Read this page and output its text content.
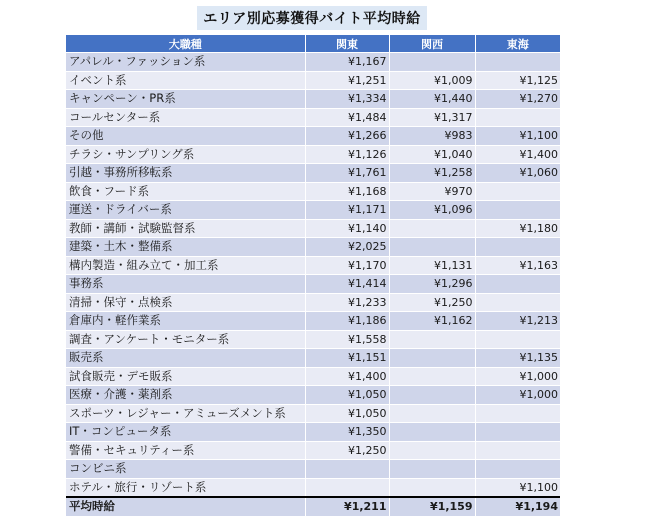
エリア別応募獲得バイト平均時給
大職種	関東	関西	東海
アパレル・ファッション系	¥1,167		
イベント系	¥1,251	¥1,009	¥1,125
キャンペーン・PR系	¥1,334	¥1,440	¥1,270
コールセンター系	¥1,484	¥1,317	
その他	¥1,266	¥983	¥1,100
チラシ・サンプリング系	¥1,126	¥1,040	¥1,400
引越・事務所移転系	¥1,761	¥1,258	¥1,060
飲食・フード系	¥1,168	¥970	
運送・ドライバー系	¥1,171	¥1,096	
教師・講師・試験監督系	¥1,140		¥1,180
建築・土木・整備系	¥2,025		
構内製造・組み立て・加工系	¥1,170	¥1,131	¥1,163
事務系	¥1,414	¥1,296	
清掃・保守・点検系	¥1,233	¥1,250	
倉庫内・軽作業系	¥1,186	¥1,162	¥1,213
調査・アンケート・モニター系	¥1,558		
販売系	¥1,151		¥1,135
試食販売・デモ販系	¥1,400		¥1,000
医療・介護・薬剤系	¥1,050		¥1,000
スポーツ・レジャー・アミューズメント系	¥1,050		
IT・コンピュータ系	¥1,350		
警備・セキュリティー系	¥1,250		
コンビニ系			
ホテル・旅行・リゾート系			¥1,100
平均時給	¥1,211	¥1,159	¥1,194
